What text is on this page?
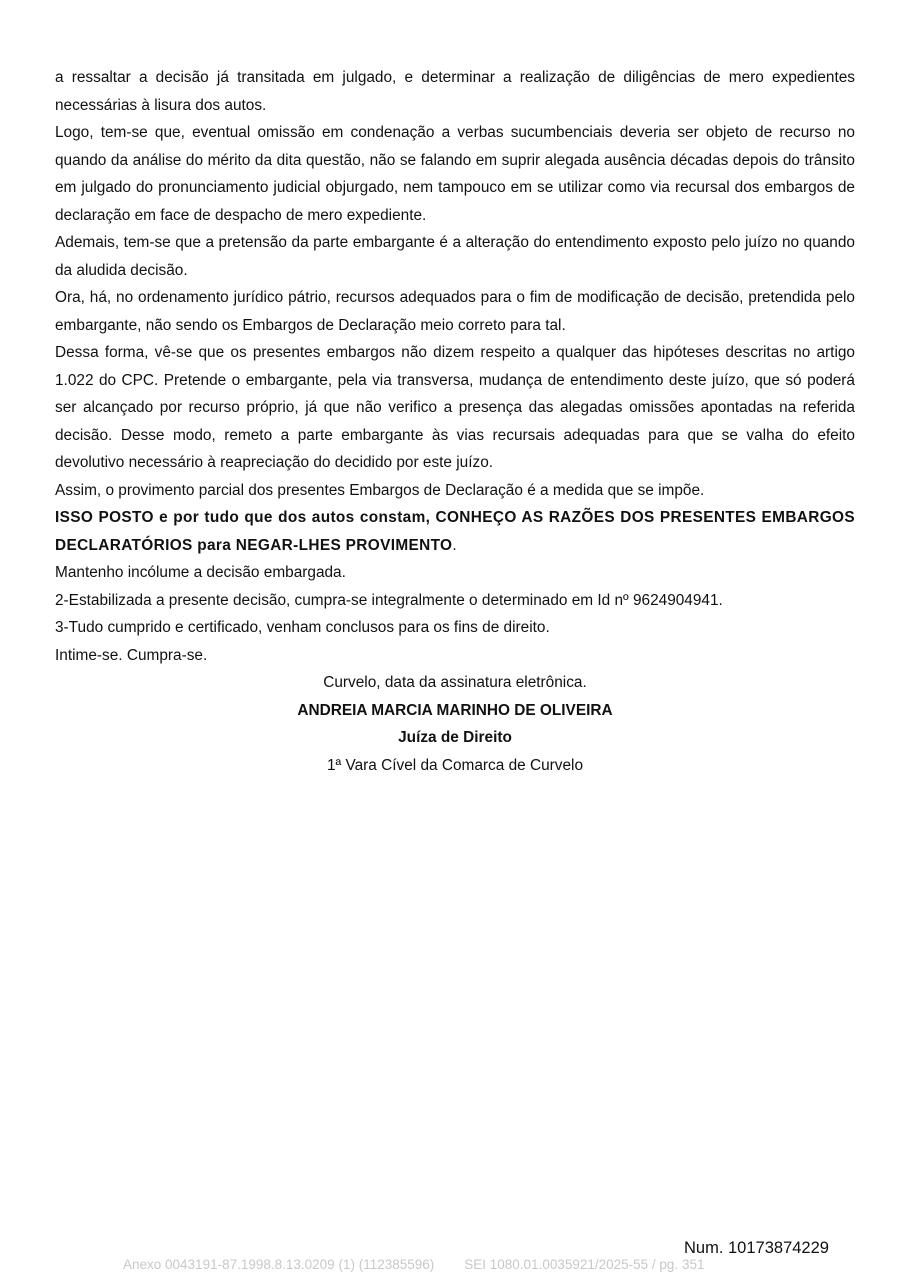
a ressaltar a decisão já transitada em julgado, e determinar a realização de diligências de mero expedientes necessárias à lisura dos autos.

Logo, tem-se que, eventual omissão em condenação a verbas sucumbenciais deveria ser objeto de recurso no quando da análise do mérito da dita questão, não se falando em suprir alegada ausência décadas depois do trânsito em julgado do pronunciamento judicial objurgado, nem tampouco em se utilizar como via recursal dos embargos de declaração em face de despacho de mero expediente.

Ademais, tem-se que a pretensão da parte embargante é a alteração do entendimento exposto pelo juízo no quando da aludida decisão.

Ora, há, no ordenamento jurídico pátrio, recursos adequados para o fim de modificação de decisão, pretendida pelo embargante, não sendo os Embargos de Declaração meio correto para tal.

Dessa forma, vê-se que os presentes embargos não dizem respeito a qualquer das hipóteses descritas no artigo 1.022 do CPC. Pretende o embargante, pela via transversa, mudança de entendimento deste juízo, que só poderá ser alcançado por recurso próprio, já que não verifico a presença das alegadas omissões apontadas na referida decisão. Desse modo, remeto a parte embargante às vias recursais adequadas para que se valha do efeito devolutivo necessário à reapreciação do decidido por este juízo.

Assim, o provimento parcial dos presentes Embargos de Declaração é a medida que se impõe.

ISSO POSTO e por tudo que dos autos constam, CONHEÇO AS RAZÕES DOS PRESENTES EMBARGOS DECLARATÓRIOS para NEGAR-LHES PROVIMENTO.

Mantenho incólume a decisão embargada.

2-Estabilizada a presente decisão, cumpra-se integralmente o determinado em Id nº 9624904941.

3-Tudo cumprido e certificado, venham conclusos para os fins de direito.

Intime-se. Cumpra-se.

Curvelo, data da assinatura eletrônica.
ANDREIA MARCIA MARINHO DE OLIVEIRA
Juíza de Direito
1ª Vara Cível da Comarca de Curvelo
Num. 10173874229
Anexo 0043191-87.1998.8.13.0209 (1) (112385596)        SEI 1080.01.0035921/2025-55 / pg. 351
